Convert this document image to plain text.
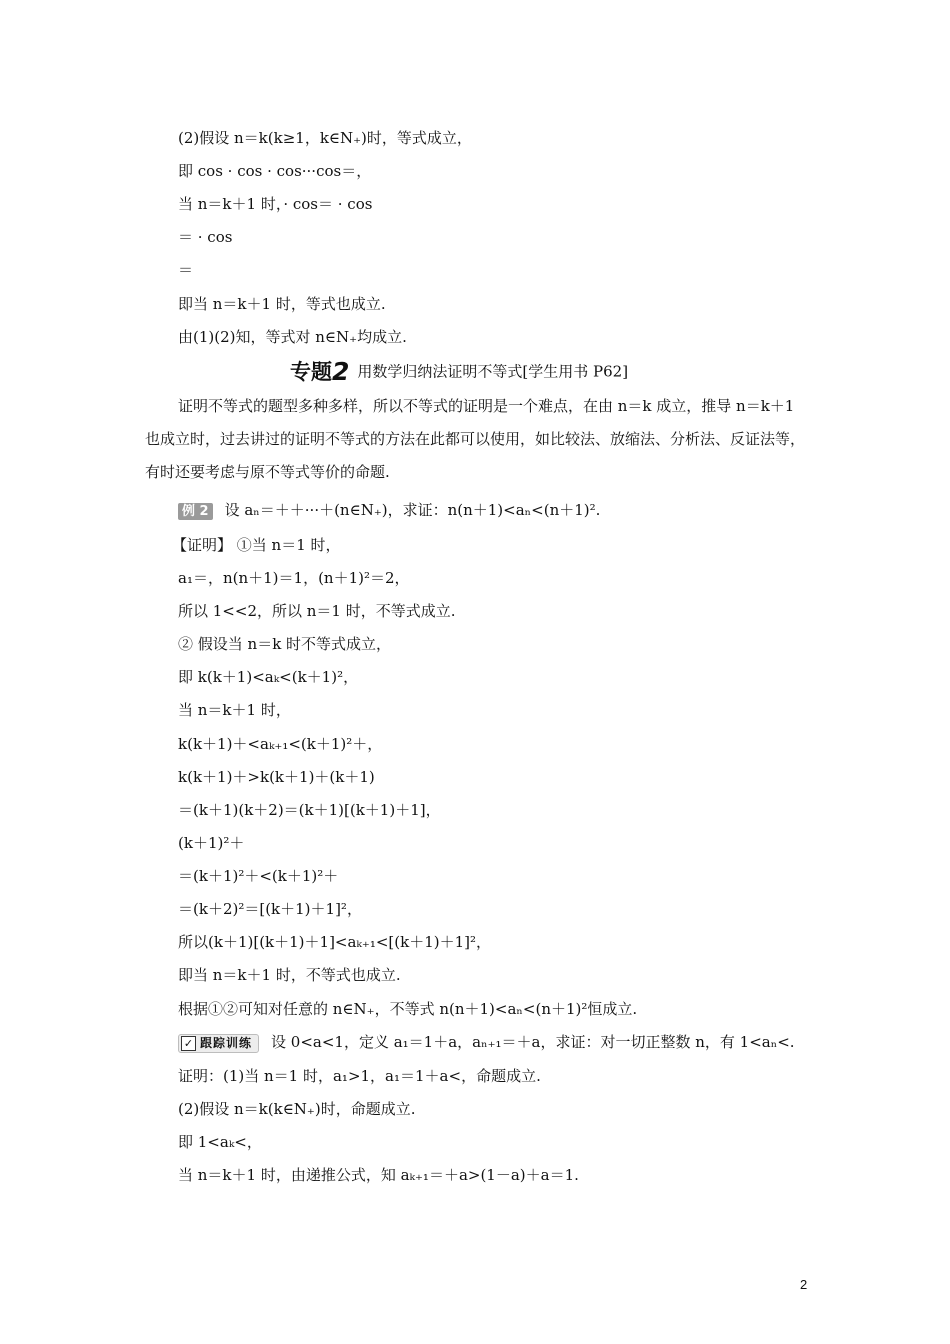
(2)假设 n＝k(k≥1，k∈N₊)时，等式成立，
即 cos · cos · cos···cos＝，
当 n＝k＋1 时，· cos＝ · cos
＝ · cos
＝
即当 n＝k＋1 时，等式也成立.
由(1)(2)知，等式对 n∈N₊均成立.
专题2 用数学归纳法证明不等式[学生用书 P62]
证明不等式的题型多种多样，所以不等式的证明是一个难点，在由 n＝k 成立，推导 n＝k＋1 也成立时，过去讲过的证明不等式的方法在此都可以使用，如比较法、放缩法、分析法、反证法等，有时还要考虑与原不等式等价的命题.
例 2 设 aₙ＝＋＋···＋(n∈N₊)，求证：n(n＋1)<aₙ<(n＋1)².
【证明】 ①当 n＝1 时，
a₁＝，n(n＋1)＝1，(n＋1)²＝2，
所以 1<<2，所以 n＝1 时，不等式成立.
② 假设当 n＝k 时不等式成立，
即 k(k＋1)<aₖ<(k＋1)²，
当 n＝k＋1 时，
k(k＋1)＋<aₖ₊₁<(k＋1)²＋，
k(k＋1)＋>k(k＋1)＋(k＋1)
＝(k＋1)(k＋2)＝(k＋1)[(k＋1)＋1]，
(k＋1)²＋
＝(k＋1)²＋<(k＋1)²＋
＝(k＋2)²＝[(k＋1)＋1]²，
所以(k＋1)[(k＋1)＋1]<aₖ₊₁<[(k＋1)＋1]²，
即当 n＝k＋1 时，不等式也成立.
根据①②可知对任意的 n∈N₊，不等式 n(n＋1)<aₙ<(n＋1)²恒成立.
✓ 跟踪训练 设 0<a<1，定义 a₁＝1＋a，aₙ₊₁＝＋a，求证：对一切正整数 n，有 1<aₙ<.
证明：(1)当 n＝1 时，a₁>1，a₁＝1＋a<，命题成立.
(2)假设 n＝k(k∈N₊)时，命题成立.
即 1<aₖ<，
当 n＝k＋1 时，由递推公式，知 aₖ₊₁＝＋a>(1－a)＋a＝1.
2
